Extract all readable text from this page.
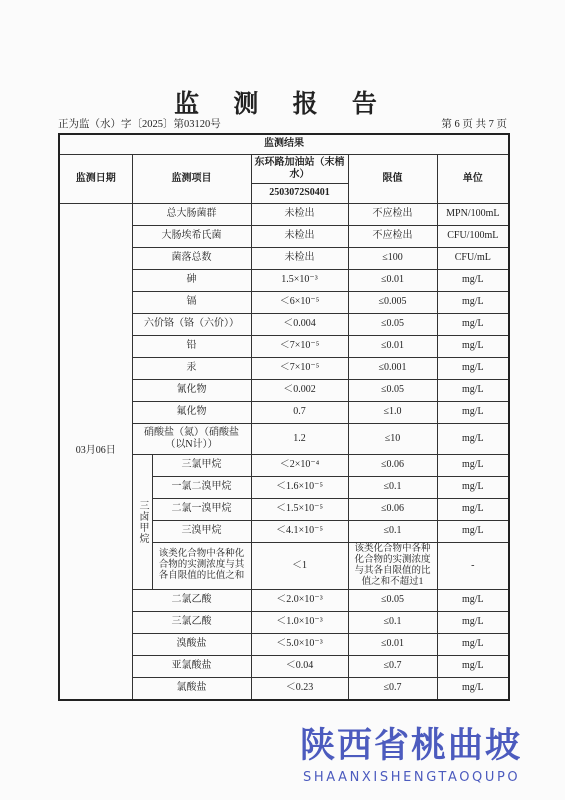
监 测 报 告
正为监（水）字〔2025〕第03120号	第 6 页 共 7 页
监测结果					
监测日期	监测项目		东环路加油站（末梢水）	限值	单位
			2503072S0401		
03月06日	总大肠菌群		未检出	不应检出	MPN/100mL
	大肠埃希氏菌		未检出	不应检出	CFU/100mL
	菌落总数		未检出	≤100	CFU/mL
	砷		1.5×10⁻³	≤0.01	mg/L
	镉		＜6×10⁻⁵	≤0.005	mg/L
	六价铬（铬（六价））		＜0.004	≤0.05	mg/L
	铅		＜7×10⁻⁵	≤0.01	mg/L
	汞		＜7×10⁻⁵	≤0.001	mg/L
	氰化物		＜0.002	≤0.05	mg/L
	氟化物		0.7	≤1.0	mg/L
	硝酸盐（氮）（硝酸盐（以N计））		1.2	≤10	mg/L
	三卤甲烷	三氯甲烷	＜2×10⁻⁴	≤0.06	mg/L
		一氯二溴甲烷	＜1.6×10⁻⁵	≤0.1	mg/L
		二氯一溴甲烷	＜1.5×10⁻⁵	≤0.06	mg/L
		三溴甲烷	＜4.1×10⁻⁵	≤0.1	mg/L
		该类化合物中各种化合物的实测浓度与其各自限值的比值之和	＜1	该类化合物中各种化合物的实测浓度与其各自限值的比值之和不超过1	-
	二氯乙酸		＜2.0×10⁻³	≤0.05	mg/L
	三氯乙酸		＜1.0×10⁻³	≤0.1	mg/L
	溴酸盐		＜5.0×10⁻³	≤0.01	mg/L
	亚氯酸盐		＜0.04	≤0.7	mg/L
	氯酸盐		＜0.23	≤0.7	mg/L
陕西省桃曲坡
SHAANXISHENGTAOQUPO
